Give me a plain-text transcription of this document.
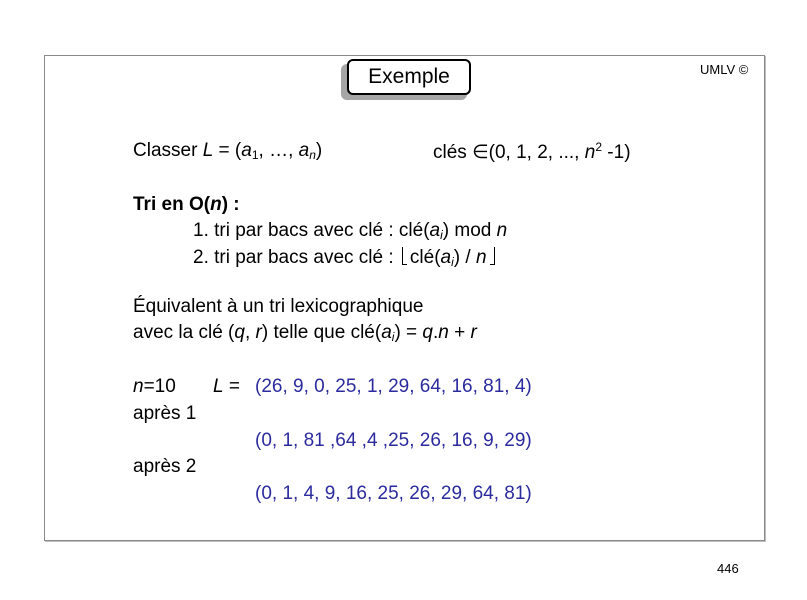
Exemple	UMLV ©
Classer $L = (a_1$, …, $a_n$)	clés ∈(0, 1, 2, ..., $n^2$ -1)
Tri en O(n) :
1. tri par bacs avec clé : $clé(a_i)$ mod n
2. tri par bacs avec clé : $clé(a_i)$ / n
Équivalent à un tri lexicographique
avec la clé (q, r) telle que $clé(a_i) = q.n + r$
n=10 L = (26, 9, 0, 25, 1, 29, 64, 16, 81, 4)
après 1
(0, 1, 81 ,64 ,4 ,25, 26, 16, 9, 29)
après 2
(0, 1, 4, 9, 16, 25, 26, 29, 64, 81)
446
